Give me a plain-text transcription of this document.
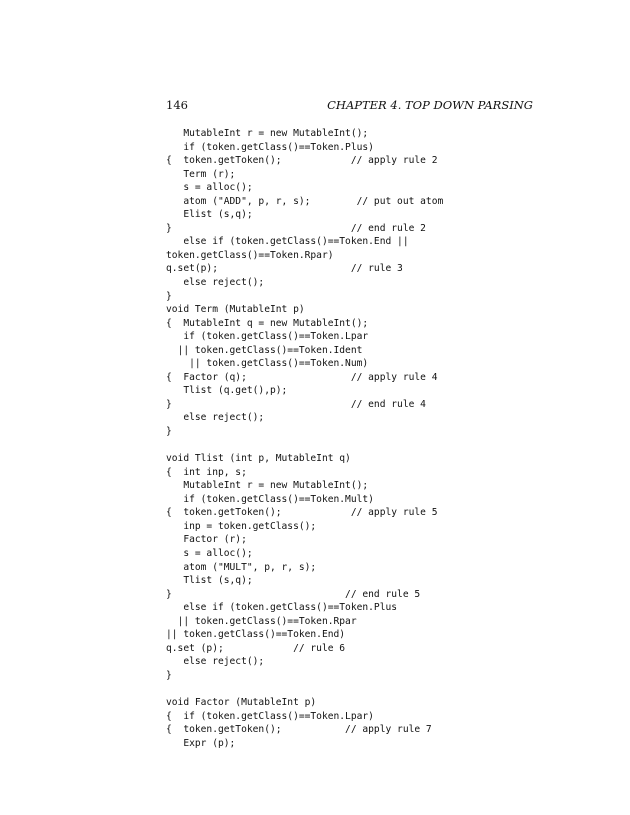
146	CHAPTER 4. TOP DOWN PARSING
MutableInt r = new MutableInt();
if (token.getClass()==Token.Plus)
{  token.getToken();            // apply rule 2
Term (r);
s = alloc();
atom ("ADD", p, r, s);        // put out atom
Elist (s,q);
}                               // end rule 2
else if (token.getClass()==Token.End ||
token.getClass()==Token.Rpar)
q.set(p);                       // rule 3
else reject();
}
void Term (MutableInt p)
{  MutableInt q = new MutableInt();
if (token.getClass()==Token.Lpar
|| token.getClass()==Token.Ident
|| token.getClass()==Token.Num)
{  Factor (q);                  // apply rule 4
Tlist (q.get(),p);
}                               // end rule 4
else reject();
}
void Tlist (int p, MutableInt q)
{  int inp, s;
MutableInt r = new MutableInt();
if (token.getClass()==Token.Mult)
{  token.getToken();            // apply rule 5
inp = token.getClass();
Factor (r);
s = alloc();
atom ("MULT", p, r, s);
Tlist (s,q);
}                              // end rule 5
else if (token.getClass()==Token.Plus
|| token.getClass()==Token.Rpar
|| token.getClass()==Token.End)
q.set (p);            // rule 6
else reject();
}
void Factor (MutableInt p)
{  if (token.getClass()==Token.Lpar)
{  token.getToken();           // apply rule 7
Expr (p);
